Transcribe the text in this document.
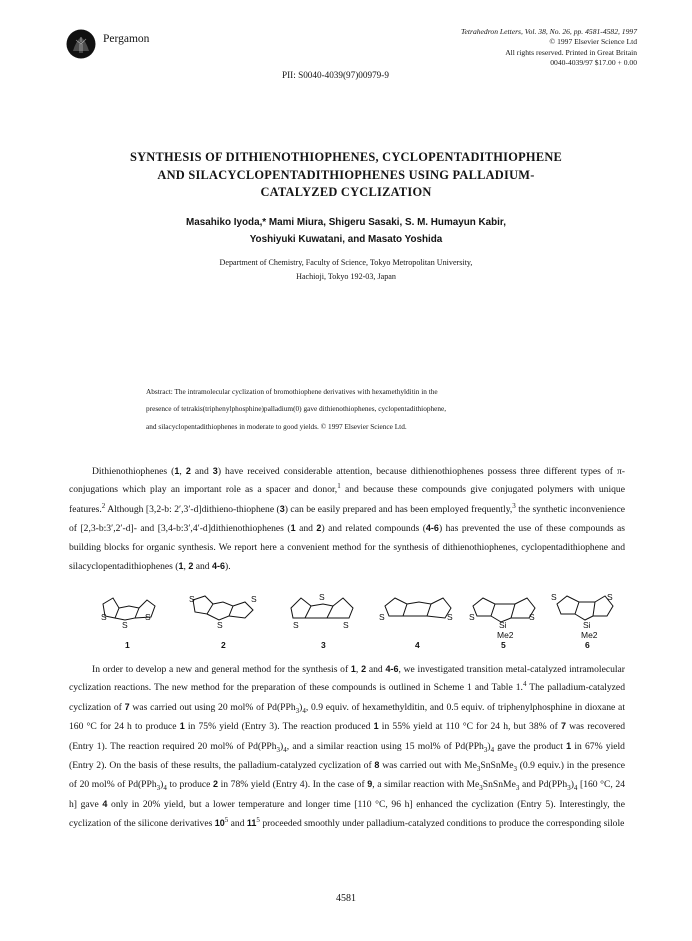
Pergamon
Tetrahedron Letters, Vol. 38, No. 26, pp. 4581-4582, 1997
© 1997 Elsevier Science Ltd
All rights reserved. Printed in Great Britain
0040-4039/97 $17.00 + 0.00
PII: S0040-4039(97)00979-9
SYNTHESIS OF DITHIENOTHIOPHENES, CYCLOPENTADITHIOPHENE
AND SILACYCLOPENTADITHIOPHENES USING PALLADIUM-
CATALYZED CYCLIZATION
Masahiko Iyoda,* Mami Miura, Shigeru Sasaki, S. M. Humayun Kabir,
Yoshiyuki Kuwatani, and Masato Yoshida
Department of Chemistry, Faculty of Science, Tokyo Metropolitan University,
Hachioji, Tokyo 192-03, Japan
Abstract: The intramolecular cyclization of bromothiophene derivatives with hexamethylditin in the
presence of tetrakis(triphenylphosphine)palladium(0) gave dithienothiophenes, cyclopentadithiophene,
and silacyclopentadithiophenes in moderate to good yields. © 1997 Elsevier Science Ltd.

Dithienothiophenes (1, 2 and 3) have received considerable attention, because dithienothiophenes possess three different types of π-conjugations which play an important role as a spacer and donor,$^1$ and because these compounds give conjugated polymers with unique features.$^2$ Although [3,2-b: 2′,3′-d]dithieno-thiophene (3) can be easily prepared and has been employed frequently,$^3$ the synthetic inconvenience of [2,3-b:3′,2′-d]- and [3,4-b:3′,4′-d]dithienothiophenes (1 and 2) and related compounds (4-6) has prevented the use of these compounds as building blocks for organic synthesis. We report here a convenient method for the synthesis of dithienothiophenes, cyclopentadithiophene and silacyclopentadithiophenes (1, 2 and 4-6).

S
S
S
S
S
S	S
S	S
S	S S	S
Si
Me2
S	S
Si
Me2
1	2	3	4	5	6

In order to develop a new and general method for the synthesis of 1, 2 and 4-6, we investigated transition metal-catalyzed intramolecular cyclization reactions. The new method for the preparation of these compounds is outlined in Scheme 1 and Table 1.$^4$ The palladium-catalyzed cyclization of 7 was carried out using 20 mol% of $Pd(PPh_3)_4$, 0.9 equiv. of hexamethylditin, and 0.5 equiv. of triphenylphosphine in dioxane at 160 °C for 24 h to produce 1 in 75% yield (Entry 3). The reaction produced 1 in 55% yield at 110 °C for 24 h, but 38% of 7 was recovered (Entry 1). The reaction required 20 mol% of $Pd(PPh_3)_4$, and a similar reaction using 15 mol% of $Pd(PPh_3)_4$ gave the product 1 in 67% yield (Entry 2). On the basis of these results, the palladium-catalyzed cyclization of 8 was carried out with $Me_3SnSnMe_3$ (0.9 equiv.) in the presence of 20 mol% of $Pd(PPh_3)_4$ to produce 2 in 78% yield (Entry 4). In the case of 9, a similar reaction with $Me_3SnSnMe_3$ and $Pd(PPh_3)_4$ [160 °C, 24 h] gave 4 only in 20% yield, but a lower temperature and longer time [110 °C, 96 h] enhanced the cyclization (Entry 5). Interestingly, the cyclization of the silicone derivatives $10^5$ and $11^5$ proceeded smoothly under palladium-catalyzed conditions to produce the corresponding silole

4581
